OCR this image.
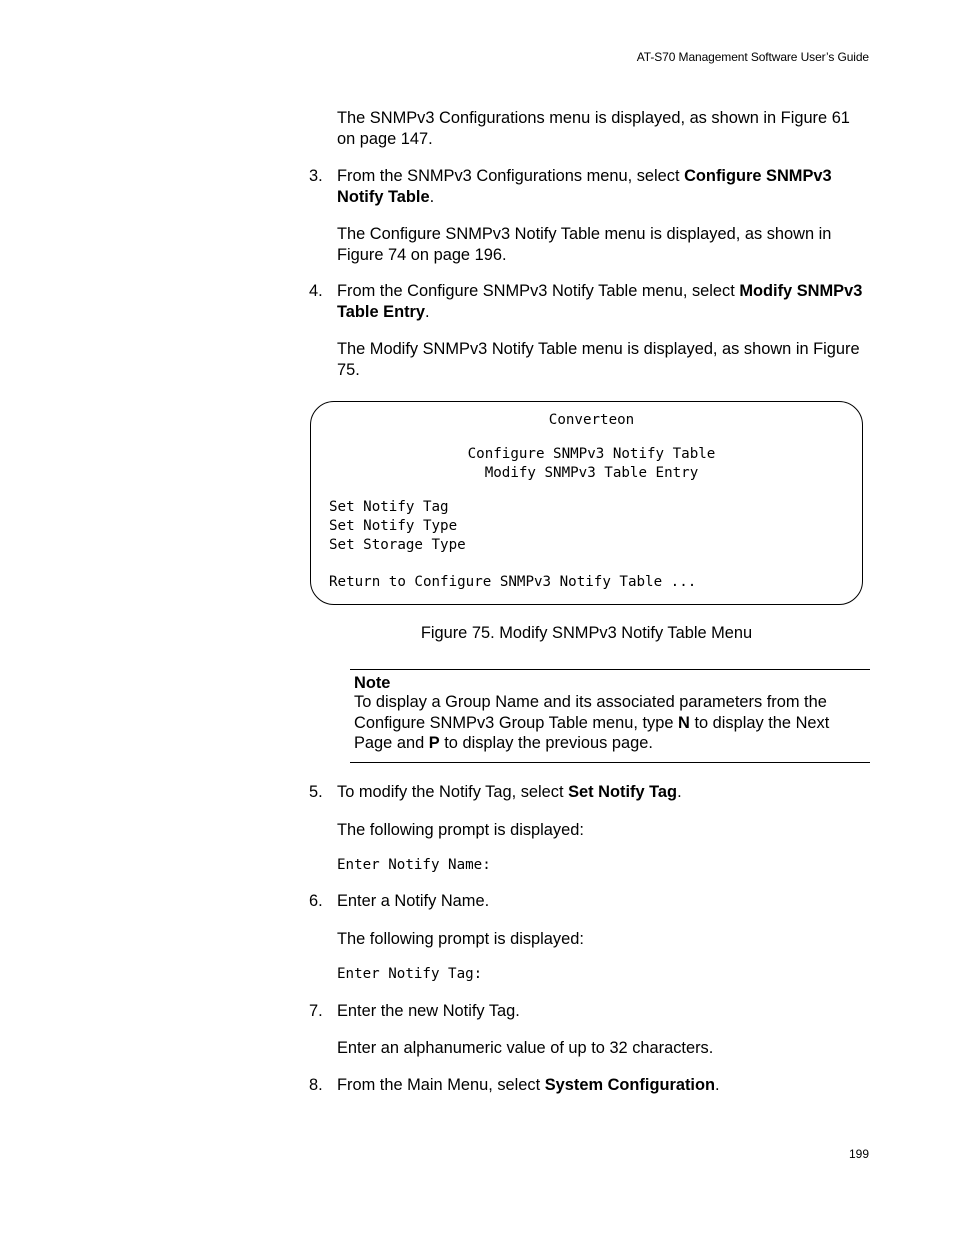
AT-S70 Management Software User’s Guide
The SNMPv3 Configurations menu is displayed, as shown in Figure 61 on page 147.
3. From the SNMPv3 Configurations menu, select Configure SNMPv3 Notify Table.
The Configure SNMPv3 Notify Table menu is displayed, as shown in Figure 74 on page 196.
4. From the Configure SNMPv3 Notify Table menu, select Modify SNMPv3 Table Entry.
The Modify SNMPv3 Notify Table menu is displayed, as shown in Figure 75.
Converteon
Configure SNMPv3 Notify Table
Modify SNMPv3 Table Entry
Set Notify Tag
Set Notify Type
Set Storage Type
Return to Configure SNMPv3 Notify Table ...
Figure 75. Modify SNMPv3 Notify Table Menu
Note
To display a Group Name and its associated parameters from the
Configure SNMPv3 Group Table menu, type N to display the Next
Page and P to display the previous page.
5. To modify the Notify Tag, select Set Notify Tag.
The following prompt is displayed:
Enter Notify Name:
6. Enter a Notify Name.
The following prompt is displayed:
Enter Notify Tag:
7. Enter the new Notify Tag.
Enter an alphanumeric value of up to 32 characters.
8. From the Main Menu, select System Configuration.
199
